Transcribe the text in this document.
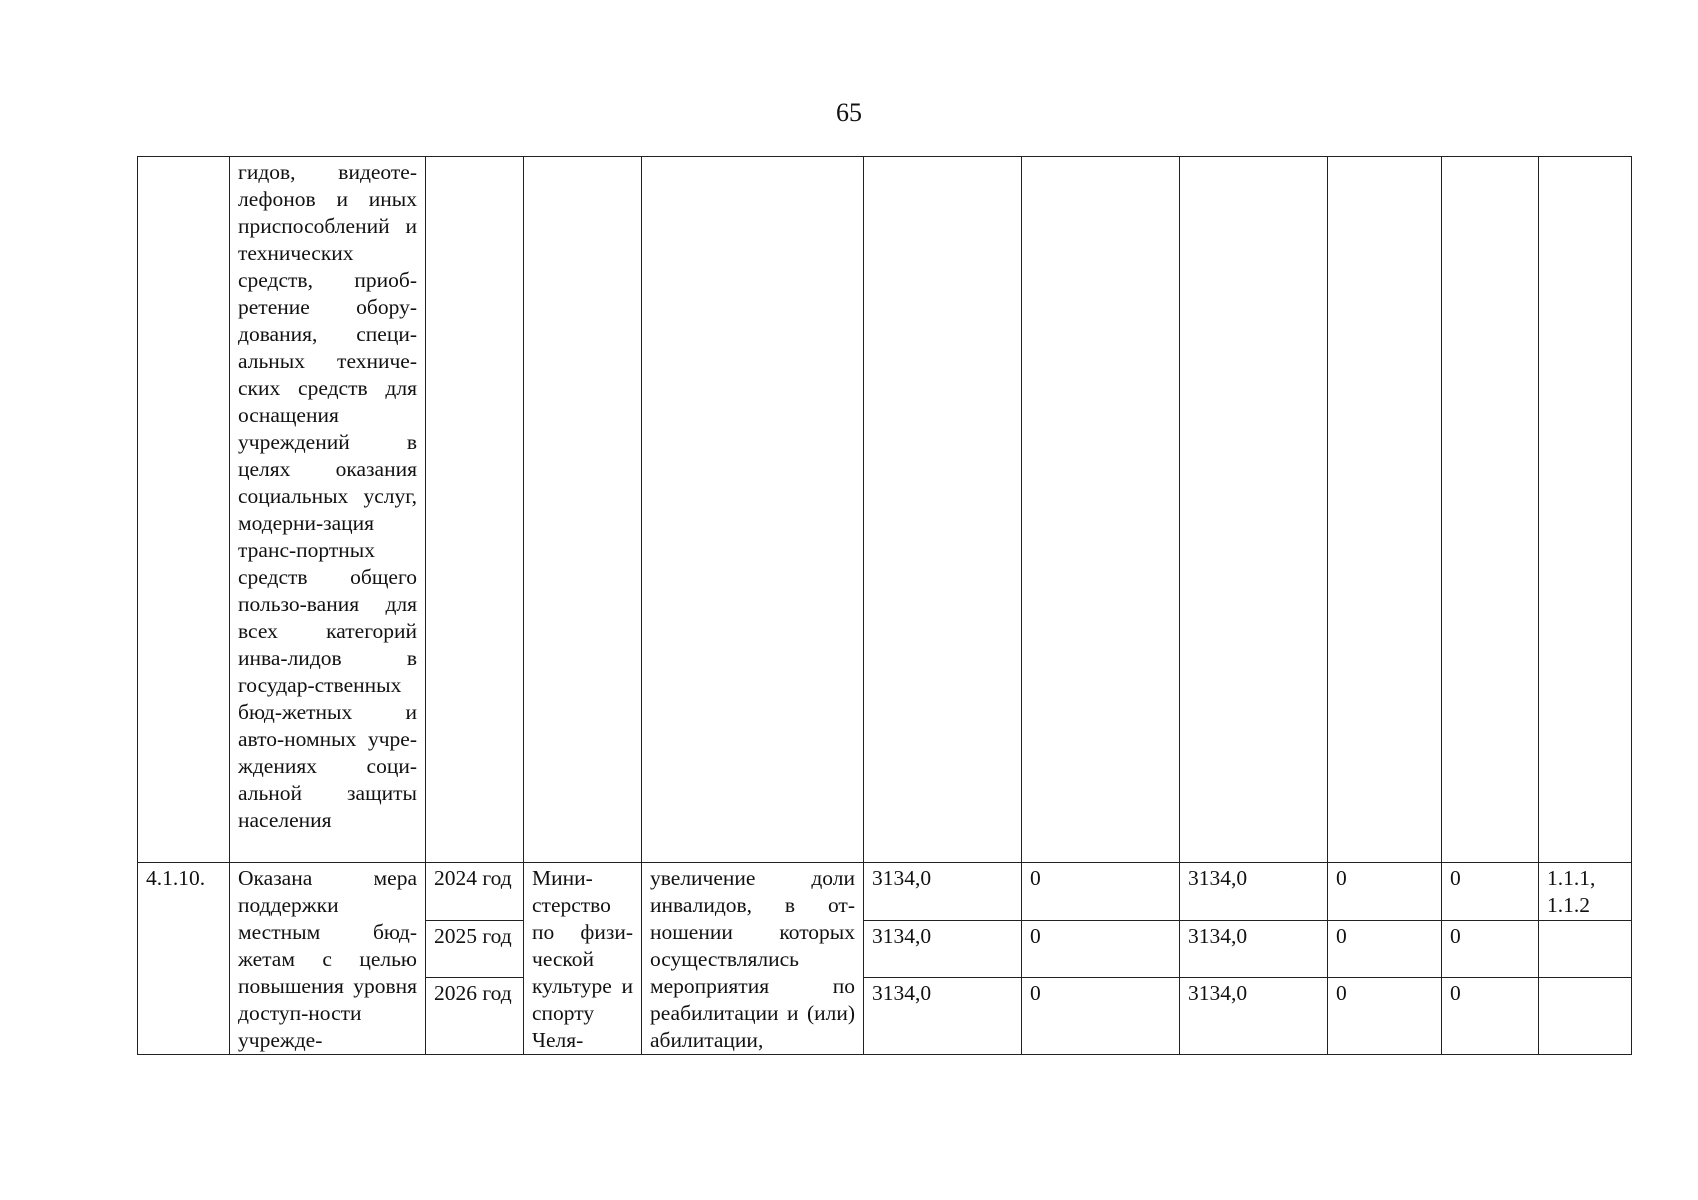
65
	гидов, видеоте-лефонов и иных приспособлений и технических средств, приоб-ретение обору-дования, специ-альных техниче-ских средств для оснащения учреждений в целях оказания социальных услуг, модерни-зация транс-портных средств общего пользо-вания для всех категорий инва-лидов в государ-ственных бюд-жетных и авто-номных учре-ждениях соци-альной защиты населения									
4.1.10.	Оказана мера поддержки местным бюд-жетам с целью повышения уровня доступ-ности учрежде-	2024 год	Мини-стерство по физи-ческой культуре и спорту Челя-	увеличение доли инвалидов, в от-ношении которых осуществлялись мероприятия по реабилитации и (или) абилитации,	3134,0	0	3134,0	0	0	1.1.1, 1.1.2
		2025 год			3134,0	0	3134,0	0	0	
		2026 год			3134,0	0	3134,0	0	0	
